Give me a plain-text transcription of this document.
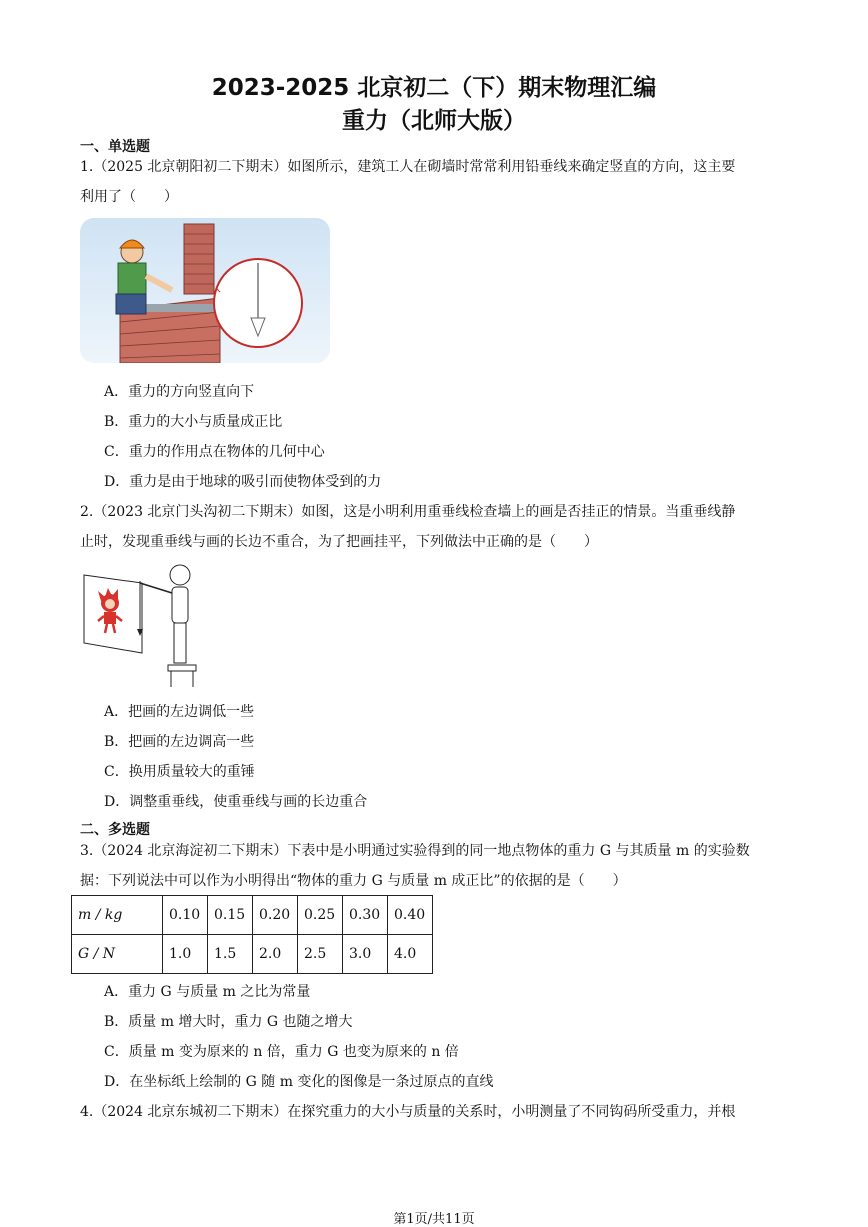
2023-2025 北京初二（下）期末物理汇编
重力（北师大版）
一、单选题
1.（2025 北京朝阳初二下期末）如图所示，建筑工人在砌墙时常常利用铅垂线来确定竖直的方向，这主要
利用了（　　）
A．重力的方向竖直向下
B．重力的大小与质量成正比
C．重力的作用点在物体的几何中心
D．重力是由于地球的吸引而使物体受到的力
2.（2023 北京门头沟初二下期末）如图，这是小明利用重垂线检查墙上的画是否挂正的情景。当重垂线静
止时，发现重垂线与画的长边不重合，为了把画挂平，下列做法中正确的是（　　）
A．把画的左边调低一些
B．把画的左边调高一些
C．换用质量较大的重锤
D．调整重垂线，使重垂线与画的长边重合
二、多选题
3.（2024 北京海淀初二下期末）下表中是小明通过实验得到的同一地点物体的重力 G 与其质量 m 的实验数
据：下列说法中可以作为小明得出“物体的重力 G 与质量 m 成正比”的依据的是（　　）
m / kg	0.10	0.15	0.20	0.25	0.30	0.40
G / N	1.0	1.5	2.0	2.5	3.0	4.0
A．重力 G 与质量 m 之比为常量
B．质量 m 增大时，重力 G 也随之增大
C．质量 m 变为原来的 n 倍，重力 G 也变为原来的 n 倍
D．在坐标纸上绘制的 G 随 m 变化的图像是一条过原点的直线
4.（2024 北京东城初二下期末）在探究重力的大小与质量的关系时，小明测量了不同钩码所受重力，并根
第1页/共11页
